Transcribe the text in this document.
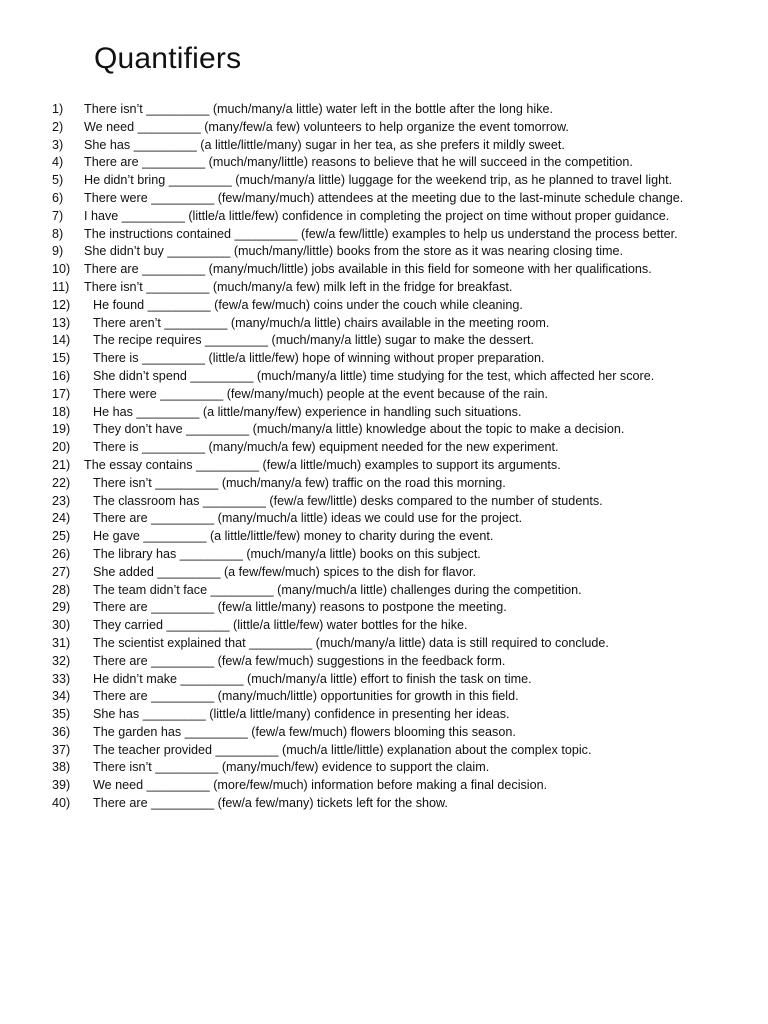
Quantifiers
1)	There isn’t _________ (much/many/a little) water left in the bottle after the long hike.
2)	We need _________ (many/few/a few) volunteers to help organize the event tomorrow.
3)	She has _________ (a little/little/many) sugar in her tea, as she prefers it mildly sweet.
4)	There are _________ (much/many/little) reasons to believe that he will succeed in the competition.
5)	He didn’t bring _________ (much/many/a little) luggage for the weekend trip, as he planned to travel light.
6)	There were _________ (few/many/much) attendees at the meeting due to the last-minute schedule change.
7)	I have _________ (little/a little/few) confidence in completing the project on time without proper guidance.
8)	The instructions contained _________ (few/a few/little) examples to help us understand the process better.
9)	She didn’t buy _________ (much/many/little) books from the store as it was nearing closing time.
10)	There are _________ (many/much/little) jobs available in this field for someone with her qualifications.
11)	There isn’t _________ (much/many/a few) milk left in the fridge for breakfast.
12)	He found _________ (few/a few/much) coins under the couch while cleaning.
13)	There aren’t _________ (many/much/a little) chairs available in the meeting room.
14)	The recipe requires _________ (much/many/a little) sugar to make the dessert.
15)	There is _________ (little/a little/few) hope of winning without proper preparation.
16)	She didn’t spend _________ (much/many/a little) time studying for the test, which affected her score.
17)	There were _________ (few/many/much) people at the event because of the rain.
18)	He has _________ (a little/many/few) experience in handling such situations.
19)	They don’t have _________ (much/many/a little) knowledge about the topic to make a decision.
20)	There is _________ (many/much/a few) equipment needed for the new experiment.
21)	The essay contains _________ (few/a little/much) examples to support its arguments.
22)	There isn’t _________ (much/many/a few) traffic on the road this morning.
23)	The classroom has _________ (few/a few/little) desks compared to the number of students.
24)	There are _________ (many/much/a little) ideas we could use for the project.
25)	He gave _________ (a little/little/few) money to charity during the event.
26)	The library has _________ (much/many/a little) books on this subject.
27)	She added _________ (a few/few/much) spices to the dish for flavor.
28)	The team didn’t face _________ (many/much/a little) challenges during the competition.
29)	There are _________ (few/a little/many) reasons to postpone the meeting.
30)	They carried _________ (little/a little/few) water bottles for the hike.
31)	The scientist explained that _________ (much/many/a little) data is still required to conclude.
32)	There are _________ (few/a few/much) suggestions in the feedback form.
33)	He didn’t make _________ (much/many/a little) effort to finish the task on time.
34)	There are _________ (many/much/little) opportunities for growth in this field.
35)	She has _________ (little/a little/many) confidence in presenting her ideas.
36)	The garden has _________ (few/a few/much) flowers blooming this season.
37)	The teacher provided _________ (much/a little/little) explanation about the complex topic.
38)	There isn’t _________ (many/much/few) evidence to support the claim.
39)	We need _________ (more/few/much) information before making a final decision.
40)	There are _________ (few/a few/many) tickets left for the show.
